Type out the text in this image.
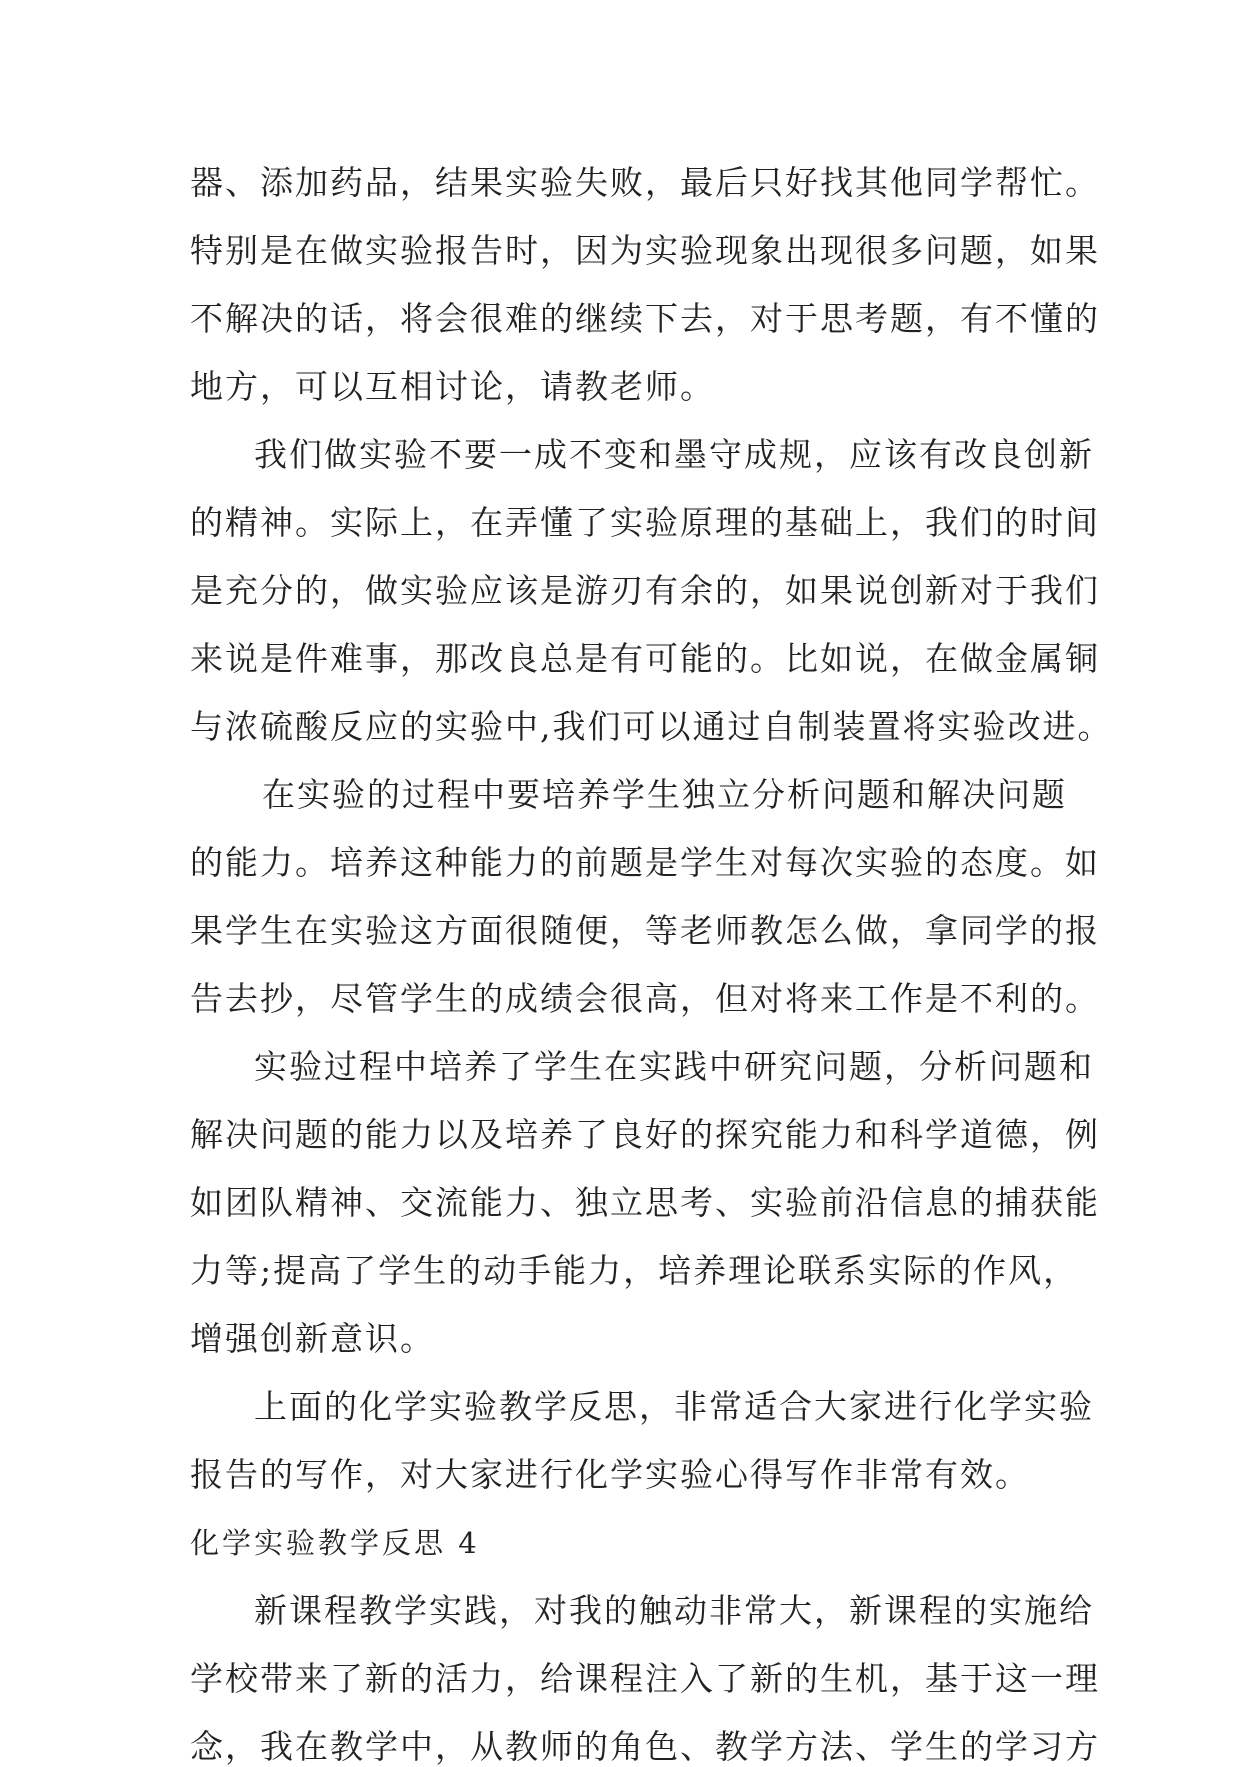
器、添加药品，结果实验失败，最后只好找其他同学帮忙。

特别是在做实验报告时，因为实验现象出现很多问题，如果

不解决的话，将会很难的继续下去，对于思考题，有不懂的

地方，可以互相讨论，请教老师。

我们做实验不要一成不变和墨守成规，应该有改良创新

的精神。实际上，在弄懂了实验原理的基础上，我们的时间

是充分的，做实验应该是游刃有余的，如果说创新对于我们

来说是件难事，那改良总是有可能的。比如说，在做金属铜

与浓硫酸反应的实验中,我们可以通过自制装置将实验改进。

在实验的过程中要培养学生独立分析问题和解决问题

的能力。培养这种能力的前题是学生对每次实验的态度。如

果学生在实验这方面很随便，等老师教怎么做，拿同学的报

告去抄，尽管学生的成绩会很高，但对将来工作是不利的。

实验过程中培养了学生在实践中研究问题，分析问题和

解决问题的能力以及培养了良好的探究能力和科学道德，例

如团队精神、交流能力、独立思考、实验前沿信息的捕获能

力等;提高了学生的动手能力，培养理论联系实际的作风，

增强创新意识。

上面的化学实验教学反思，非常适合大家进行化学实验

报告的写作，对大家进行化学实验心得写作非常有效。

化学实验教学反思 4

新课程教学实践，对我的触动非常大，新课程的实施给

学校带来了新的活力，给课程注入了新的生机，基于这一理

念，我在教学中，从教师的角色、教学方法、学生的学习方
